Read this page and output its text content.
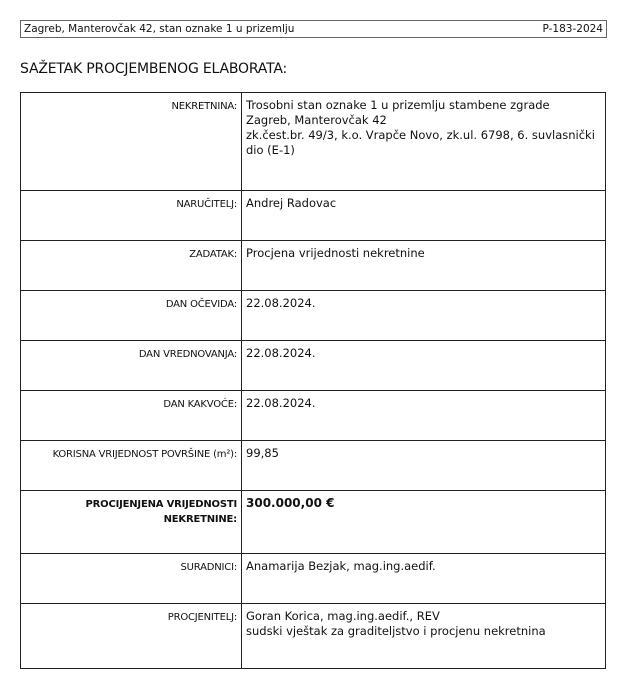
Zagreb, Manterovčak 42, stan oznake 1 u prizemlju	P-183-2024
SAŽETAK PROCJEMBENOG ELABORATA:
NEKRETNINA:	Trosobni stan oznake 1 u prizemlju stambene zgrade
Zagreb, Manterovčak 42
zk.čest.br. 49/3, k.o. Vrapče Novo, zk.ul. 6798, 6. suvlasnički dio (E-1)

NARUČITELJ:	Andrej Radovac

ZADATAK:	Procjena vrijednosti nekretnine

DAN OČEVIDA:	22.08.2024.

DAN VREDNOVANJA:	22.08.2024.

DAN KAKVOĆE:	22.08.2024.

KORISNA VRIJEDNOST POVRŠINE (m²):	99,85

PROCIJENJENA VRIJEDNOSTI NEKRETNINE:	300.000,00 €

SURADNICI:	Anamarija Bezjak, mag.ing.aedif.

PROCJENITELJ:	Goran Korica, mag.ing.aedif., REV
sudski vještak za graditeljstvo i procjenu nekretnina
